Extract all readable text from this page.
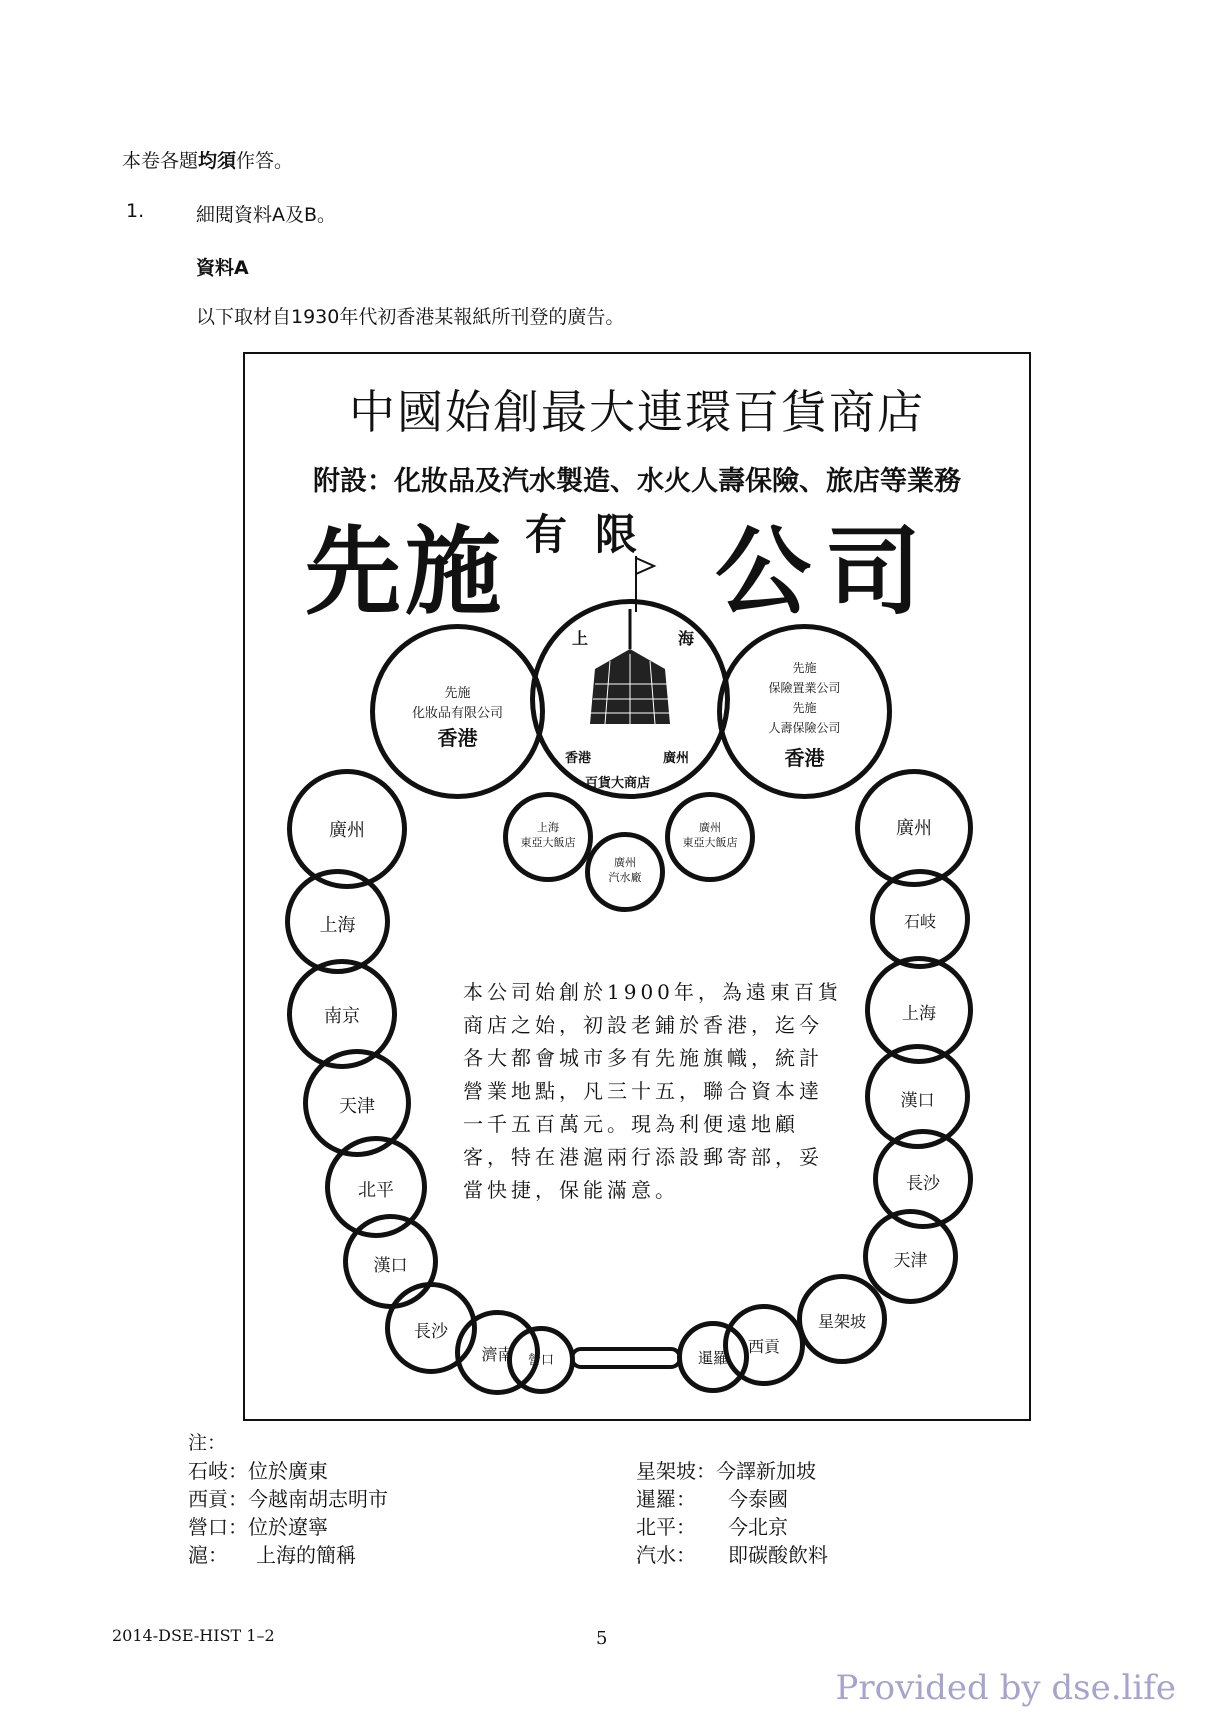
本卷各題均須作答。
1.	細閱資料A及B。
資料A
以下取材自1930年代初香港某報紙所刊登的廣告。
中國始創最大連環百貨商店
附設：化妝品及汽水製造、水火人壽保險、旅店等業務
先 施 有 限 公 司
上	海
香港	廣州
百貨大商店
先施
化妝品有限公司
香港
先施
保險置業公司
先施
人壽保險公司
香港
上海
東亞大飯店
廣州
東亞大飯店
廣州
汽水廠
廣州
上海
南京
天津
北平
漢口
長沙
濟南	營口
廣州
石岐
上海
漢口
長沙
天津
星架坡
西貢
暹羅
本公司始創於1900年，為遠東百貨
商店之始，初設老鋪於香港，迄今
各大都會城市多有先施旗幟，統計
營業地點，凡三十五，聯合資本達
一千五百萬元。現為利便遠地顧
客，特在港滬兩行添設郵寄部，妥
當快捷，保能滿意。
注：
石岐：位於廣東
西貢：今越南胡志明市
營口：位於遼寧
滬： 上海的簡稱
星架坡：今譯新加坡
暹羅： 今泰國
北平： 今北京
汽水： 即碳酸飲料
2014-DSE-HIST 1–2	5
Provided by dse.life
